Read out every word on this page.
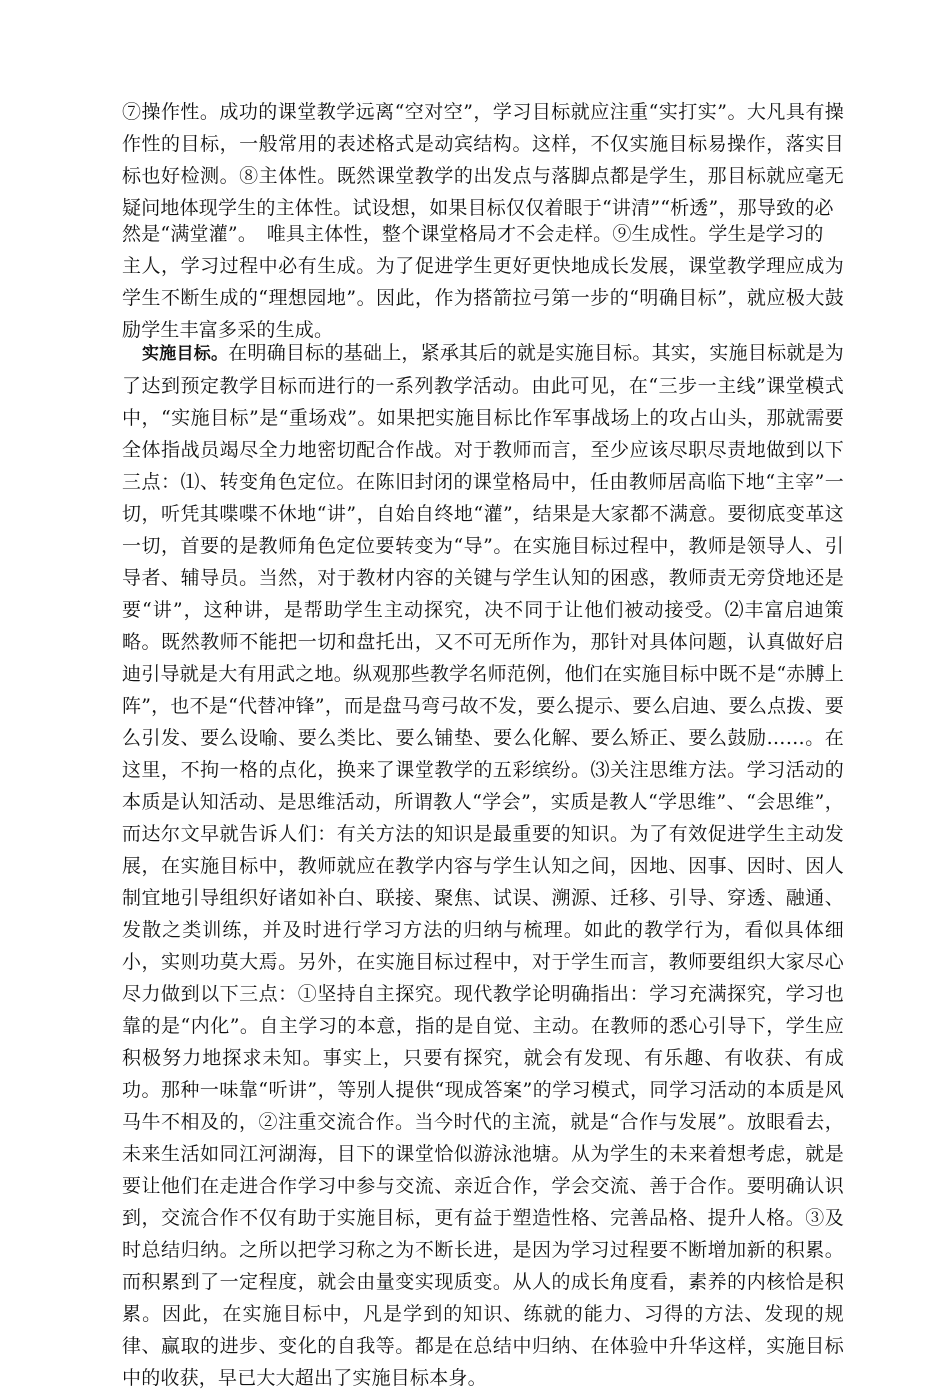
⑦操作性。成功的课堂教学远离“空对空”，学习目标就应注重“实打实”。大凡具有操作性的目标，一般常用的表述格式是动宾结构。这样，不仅实施目标易操作，落实目标也好检测。⑧主体性。既然课堂教学的出发点与落脚点都是学生，那目标就应毫无疑问地体现学生的主体性。试设想，如果目标仅仅着眼于“讲清”“析透”，那导致的必
然是“满堂灌”。　唯具主体性，整个课堂格局才不会走样。⑨生成性。学生是学习的
主人，学习过程中必有生成。为了促进学生更好更快地成长发展，课堂教学理应成为学生不断生成的“理想园地”。因此，作为搭箭拉弓第一步的“明确目标”，就应极大鼓励学生丰富多采的生成。
实施目标。在明确目标的基础上，紧承其后的就是实施目标。其实，实施目标就是为了达到预定教学目标而进行的一系列教学活动。由此可见，在“三步一主线”课堂模式中，“实施目标”是“重场戏”。如果把实施目标比作军事战场上的攻占山头，那就需要全体指战员竭尽全力地密切配合作战。对于教师而言，至少应该尽职尽责地做到以下三点：⑴、转变角色定位。在陈旧封闭的课堂格局中，任由教师居高临下地“主宰”一切，听凭其喋喋不休地“讲”，自始自终地“灌”，结果是大家都不满意。要彻底变革这一切，首要的是教师角色定位要转变为“导”。在实施目标过程中，教师是领导人、引导者、辅导员。当然，对于教材内容的关键与学生认知的困惑，教师责无旁贷地还是要“讲”，这种讲，是帮助学生主动探究，决不同于让他们被动接受。⑵丰富启迪策略。既然教师不能把一切和盘托出，又不可无所作为，那针对具体问题，认真做好启迪引导就是大有用武之地。纵观那些教学名师范例，他们在实施目标中既不是“赤膊上阵”，也不是“代替冲锋”，而是盘马弯弓故不发，要么提示、要么启迪、要么点拨、要么引发、要么设喻、要么类比、要么铺垫、要么化解、要么矫正、要么鼓励……。在这里，不拘一格的点化，换来了课堂教学的五彩缤纷。⑶关注思维方法。学习活动的本质是认知活动、是思维活动，所谓教人“学会”，实质是教人“学思维”、“会思维”，而达尔文早就告诉人们：有关方法的知识是最重要的知识。为了有效促进学生主动发展，在实施目标中，教师就应在教学内容与学生认知之间，因地、因事、因时、因人制宜地引导组织好诸如补白、联接、聚焦、试误、溯源、迁移、引导、穿透、融通、发散之类训练，并及时进行学习方法的归纳与梳理。如此的教学行为，看似具体细小，实则功莫大焉。另外，在实施目标过程中，对于学生而言，教师要组织大家尽心尽力做到以下三点：①坚持自主探究。现代教学论明确指出：学习充满探究，学习也靠的是“内化”。自主学习的本意，指的是自觉、主动。在教师的悉心引导下，学生应积极努力地探求未知。事实上，只要有探究，就会有发现、有乐趣、有收获、有成功。那种一味靠“听讲”，等别人提供“现成答案”的学习模式，同学习活动的本质是风马牛不相及的，②注重交流合作。当今时代的主流，就是“合作与发展”。放眼看去，未来生活如同江河湖海，目下的课堂恰似游泳池塘。从为学生的未来着想考虑，就是要让他们在走进合作学习中参与交流、亲近合作，学会交流、善于合作。要明确认识到，交流合作不仅有助于实施目标，更有益于塑造性格、完善品格、提升人格。③及时总结归纳。之所以把学习称之为不断长进，是因为学习过程要不断增加新的积累。而积累到了一定程度，就会由量变实现质变。从人的成长角度看，素养的内核恰是积累。因此，在实施目标中，凡是学到的知识、练就的能力、习得的方法、发现的规律、赢取的进步、变化的自我等。都是在总结中归纳、在体验中升华这样，实施目标中的收获，早已大大超出了实施目标本身。
